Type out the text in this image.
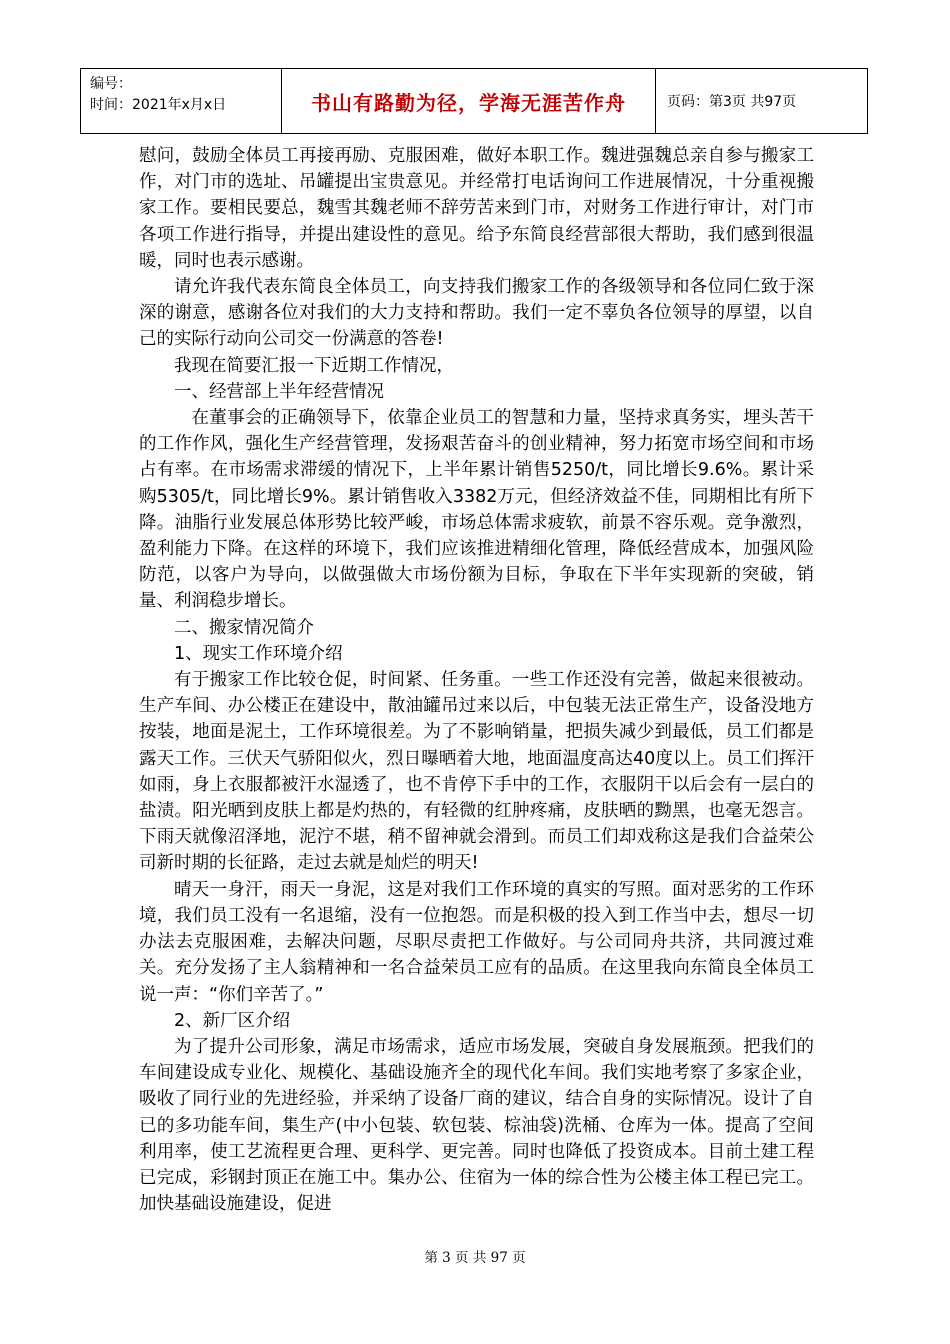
编号：
时间：2021年x月x日	书山有路勤为径，学海无涯苦作舟	页码：第3页 共97页

慰问，鼓励全体员工再接再励、克服困难，做好本职工作。魏进强魏总亲自参与搬家工作，对门市的选址、吊罐提出宝贵意见。并经常打电话询问工作进展情况，十分重视搬家工作。要相民要总，魏雪其魏老师不辞劳苦来到门市，对财务工作进行审计，对门市各项工作进行指导，并提出建设性的意见。给予东简良经营部很大帮助，我们感到很温暖，同时也表示感谢。

请允许我代表东简良全体员工，向支持我们搬家工作的各级领导和各位同仁致于深深的谢意，感谢各位对我们的大力支持和帮助。我们一定不辜负各位领导的厚望，以自己的实际行动向公司交一份满意的答卷!

我现在简要汇报一下近期工作情况，

一、经营部上半年经营情况

在董事会的正确领导下，依靠企业员工的智慧和力量，坚持求真务实，埋头苦干的工作作风，强化生产经营管理，发扬艰苦奋斗的创业精神，努力拓宽市场空间和市场占有率。在市场需求滞缓的情况下，上半年累计销售5250/t，同比增长9.6%。累计采购5305/t，同比增长9%。累计销售收入3382万元，但经济效益不佳，同期相比有所下降。油脂行业发展总体形势比较严峻，市场总体需求疲软，前景不容乐观。竞争激烈，盈利能力下降。在这样的环境下，我们应该推进精细化管理，降低经营成本，加强风险防范，以客户为导向，以做强做大市场份额为目标，争取在下半年实现新的突破，销量、利润稳步增长。

二、搬家情况简介

1、现实工作环境介绍

有于搬家工作比较仓促，时间紧、任务重。一些工作还没有完善，做起来很被动。生产车间、办公楼正在建设中，散油罐吊过来以后，中包装无法正常生产，设备没地方按装，地面是泥土，工作环境很差。为了不影响销量，把损失减少到最低，员工们都是露天工作。三伏天气骄阳似火，烈日曝晒着大地，地面温度高达40度以上。员工们挥汗如雨，身上衣服都被汗水湿透了，也不肯停下手中的工作，衣服阴干以后会有一层白的盐渍。阳光晒到皮肤上都是灼热的，有轻微的红肿疼痛，皮肤晒的黝黑，也毫无怨言。下雨天就像沼泽地，泥泞不堪，稍不留神就会滑到。而员工们却戏称这是我们合益荣公司新时期的长征路，走过去就是灿烂的明天!

晴天一身汗，雨天一身泥，这是对我们工作环境的真实的写照。面对恶劣的工作环境，我们员工没有一名退缩，没有一位抱怨。而是积极的投入到工作当中去，想尽一切办法去克服困难，去解决问题，尽职尽责把工作做好。与公司同舟共济，共同渡过难关。充分发扬了主人翁精神和一名合益荣员工应有的品质。在这里我向东简良全体员工说一声：“你们辛苦了。”

2、新厂区介绍

为了提升公司形象，满足市场需求，适应市场发展，突破自身发展瓶颈。把我们的车间建设成专业化、规模化、基础设施齐全的现代化车间。我们实地考察了多家企业，吸收了同行业的先进经验，并采纳了设备厂商的建议，结合自身的实际情况。设计了自已的多功能车间，集生产(中小包装、软包装、棕油袋)洗桶、仓库为一体。提高了空间利用率，使工艺流程更合理、更科学、更完善。同时也降低了投资成本。目前土建工程已完成，彩钢封顶正在施工中。集办公、住宿为一体的综合性为公楼主体工程已完工。加快基础设施建设，促进

第 3 页 共 97 页
